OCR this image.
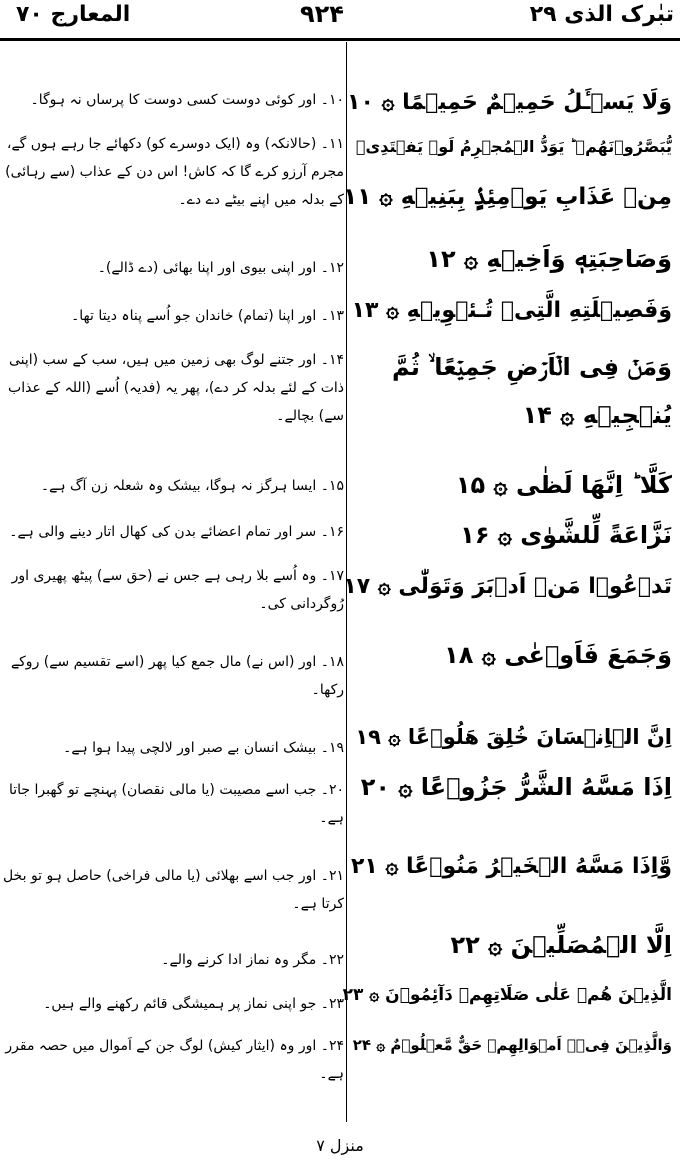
تبٰرک الذی ۲۹
۹۲۴
المعارج ۷۰
وَلَا يَسۡـَٔلُ حَمِيۡمٌ حَمِيۡمًا ۞ ۱۰
يُّبَصَّرُوۡنَهُمۡ ؕ يَوَدُّ الۡمُجۡرِمُ لَوۡ يَفۡتَدِىۡ
مِنۡ عَذَابِ يَوۡمِئِذٍۢ بِبَنِيۡهِ ۞ ۱۱
وَصَاحِبَتِهٖ وَاَخِيۡهِ ۞ ۱۲
وَفَصِيۡلَتِهِ الَّتِىۡ تُـئۡوِيۡهِ ۞ ۱۳
وَمَنۡ فِى الۡاَرۡضِ جَمِيۡعًا ۙ ثُمَّ
يُنۡجِيۡهِ ۞ ۱۴
كَلَّا ؕ اِنَّهَا لَظٰى ۞ ۱۵
نَزَّاعَةً لِّلشَّوٰى ۞ ۱۶
تَدۡعُوۡا مَنۡ اَدۡبَرَ وَتَوَلّٰى ۞ ۱۷
وَجَمَعَ فَاَوۡعٰى ۞ ۱۸
اِنَّ الۡاِنۡسَانَ خُلِقَ هَلُوۡعًا ۞ ۱۹
اِذَا مَسَّهُ الشَّرُّ جَزُوۡعًا ۞ ۲۰
وَّاِذَا مَسَّهُ الۡخَيۡرُ مَنُوۡعًا ۞ ۲۱
اِلَّا الۡمُصَلِّيۡنَ ۞ ۲۲
الَّذِيۡنَ هُمۡ عَلٰى صَلَاتِهِمۡ دَآئِمُوۡنَ ۞ ۲۳
وَالَّذِيۡنَ فِىۡۤ اَمۡوَالِهِمۡ حَقٌّ مَّعۡلُوۡمٌ ۞ ۲۴

۱۰۔ اور کوئی دوست کسی دوست کا پرساں نہ ہوگا۔

۱۱۔ (حالانکہ) وہ (ایک دوسرے کو) دکھائے جا رہے ہوں گے، مجرم آرزو کرے گا کہ کاش! اس دن کے عذاب (سے رہائی) کے بدلہ میں اپنے بیٹے دے دے۔

۱۲۔ اور اپنی بیوی اور اپنا بھائی (دے ڈالے)۔

۱۳۔ اور اپنا (تمام) خاندان جو اُسے پناہ دیتا تھا۔

۱۴۔ اور جتنے لوگ بھی زمین میں ہیں، سب کے سب (اپنی ذات کے لئے بدلہ کر دے)، پھر یہ (فدیہ) اُسے (اللہ کے عذاب سے) بچالے۔

۱۵۔ ایسا ہرگز نہ ہوگا، بیشک وہ شعلہ زن آگ ہے۔

۱۶۔ سر اور تمام اعضائے بدن کی کھال اتار دینے والی ہے۔

۱۷۔ وہ اُسے بلا رہی ہے جس نے (حق سے) پیٹھ پھیری اور رُوگردانی کی۔

۱۸۔ اور (اس نے) مال جمع کیا پھر (اسے تقسیم سے) روکے رکھا۔

۱۹۔ بیشک انسان بے صبر اور لالچی پیدا ہوا ہے۔

۲۰۔ جب اسے مصیبت (یا مالی نقصان) پہنچے تو گھبرا جاتا ہے۔

۲۱۔ اور جب اسے بھلائی (یا مالی فراخی) حاصل ہو تو بخل کرتا ہے۔

۲۲۔ مگر وہ نماز ادا کرنے والے۔

۲۳۔ جو اپنی نماز پر ہمیشگی قائم رکھنے والے ہیں۔

۲۴۔ اور وہ (ایثار کیش) لوگ جن کے اَموال میں حصہ مقرر ہے۔

منزل ۷
